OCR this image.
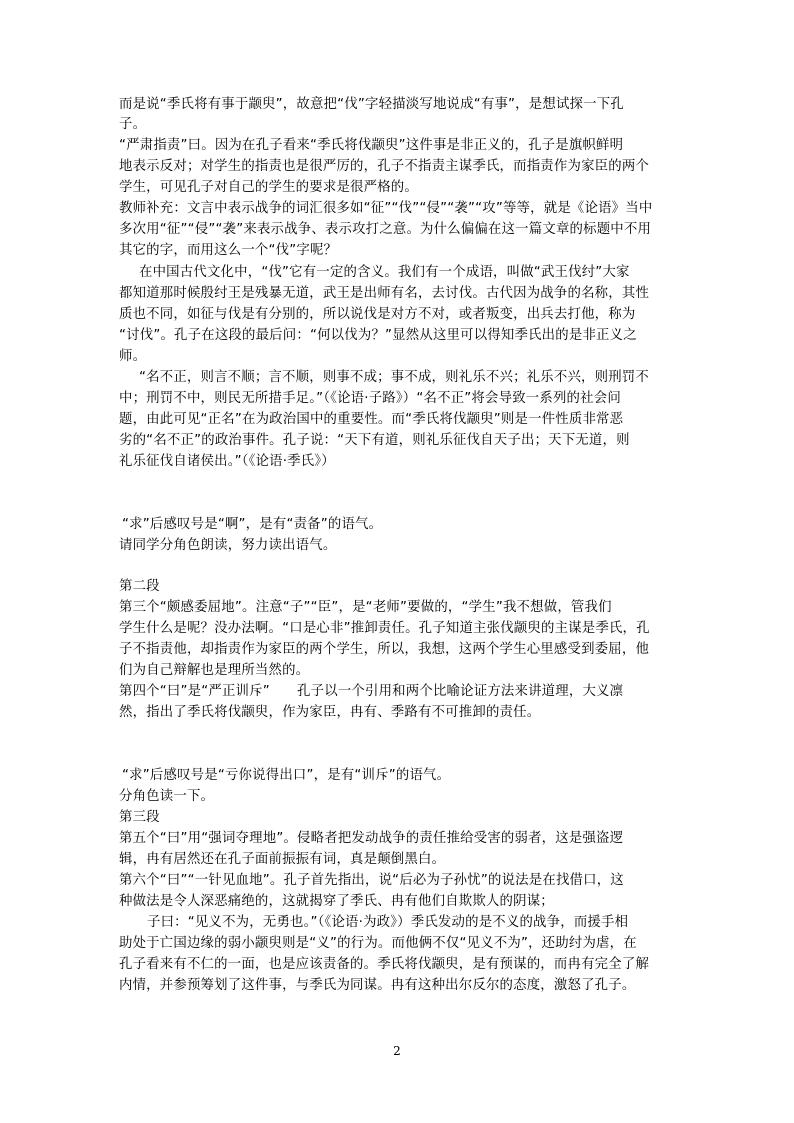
而是说“季氏将有事于颛臾”，故意把“伐”字轻描淡写地说成“有事”，是想试探一下孔
子。
“严肃指责”曰。因为在孔子看来“季氏将伐颛臾”这件事是非正义的，孔子是旗帜鲜明
地表示反对；对学生的指责也是很严厉的，孔子不指责主谋季氏，而指责作为家臣的两个
学生，可见孔子对自己的学生的要求是很严格的。
教师补充：文言中表示战争的词汇很多如“征”“伐”“侵”“袭”“攻”等等，就是《论语》当中
多次用“征”“侵”“袭”来表示战争、表示攻打之意。为什么偏偏在这一篇文章的标题中不用
其它的字，而用这么一个“伐”字呢？
在中国古代文化中，“伐”它有一定的含义。我们有一个成语，叫做“武王伐纣”大家
都知道那时候殷纣王是残暴无道，武王是出师有名，去讨伐。古代因为战争的名称，其性
质也不同，如征与伐是有分别的，所以说伐是对方不对，或者叛变，出兵去打他，称为
“讨伐”。孔子在这段的最后问：“何以伐为？”显然从这里可以得知季氏出的是非正义之
师。
“名不正，则言不顺；言不顺，则事不成；事不成，则礼乐不兴；礼乐不兴，则刑罚不
中；刑罚不中，则民无所措手足。”（《论语·子路》）“名不正”将会导致一系列的社会问
题，由此可见“正名”在为政治国中的重要性。而“季氏将伐颛臾”则是一件性质非常恶
劣的“名不正”的政治事件。孔子说：“天下有道，则礼乐征伐自天子出；天下无道，则
礼乐征伐自诸侯出。”（《论语·季氏》）
“求”后感叹号是“啊”，是有“责备”的语气。
请同学分角色朗读，努力读出语气。
第二段
第三个“颇感委屈地”。注意“子”“臣”，是“老师”要做的，“学生”我不想做，管我们
学生什么是呢？没办法啊。“口是心非”推卸责任。孔子知道主张伐颛臾的主谋是季氏，孔
子不指责他，却指责作为家臣的两个学生，所以，我想，这两个学生心里感受到委屈，他
们为自己辩解也是理所当然的。
第四个“曰”是“严正训斥”　　孔子以一个引用和两个比喻论证方法来讲道理，大义凛
然，指出了季氏将伐颛臾，作为家臣，冉有、季路有不可推卸的责任。
“求”后感叹号是“亏你说得出口”，是有“训斥”的语气。
分角色读一下。
第三段
第五个“曰”用“强词夺理地”。侵略者把发动战争的责任推给受害的弱者，这是强盗逻
辑，冉有居然还在孔子面前振振有词，真是颠倒黑白。
第六个“曰”“一针见血地”。孔子首先指出，说“后必为子孙忧”的说法是在找借口，这
种做法是令人深恶痛绝的，这就揭穿了季氏、冉有他们自欺欺人的阴谋；
子曰：“见义不为，无勇也。”（《论语·为政》）季氏发动的是不义的战争，而援手相
助处于亡国边缘的弱小颛臾则是“义”的行为。而他俩不仅“见义不为”，还助纣为虐，在
孔子看来有不仁的一面，也是应该责备的。季氏将伐颛臾，是有预谋的，而冉有完全了解
内情，并参预筹划了这件事，与季氏为同谋。冉有这种出尔反尔的态度，激怒了孔子。
2
